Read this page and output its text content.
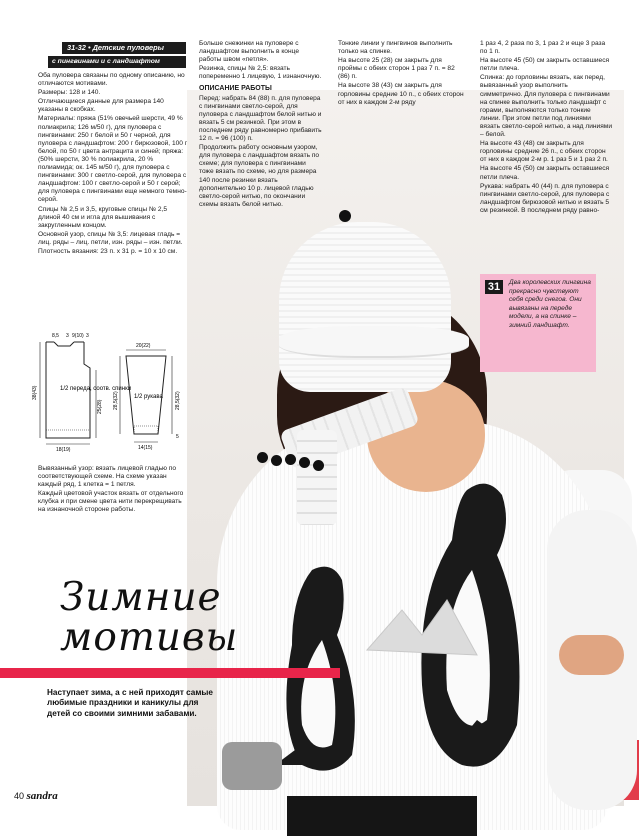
31-32 • Детские пуловеры
с пингвинами и с ландшафтом

Оба пуловера связаны по одному описанию, но отличаются мотивами.

Размеры: 128 и 140.

Отличающиеся данные для размера 140 указаны в скобках.

Материалы: пряжа (51% овечьей шерсти, 49 % полиакрила; 126 м/50 г), для пуловера с пингвинами: 250 г белой и 50 г черной, для пуловера с ландшафтом: 200 г бирюзовой, 100 г белой, по 50 г цвета антрацита и синей; пряжа: (50% шерсти, 30 % полиакрила, 20 % полиамида; ок. 145 м/50 г), для пуловера с пингвинами: 300 г светло-серой, для пуловера с ландшафтом: 100 г светло-серой и 50 г серой; для пуловера с пингвинами еще немного темно-серой.

Спицы № 2,5 и 3,5, круговые спицы № 2,5 длиной 40 см и игла для вышивания с закругленным концом.

Основной узор, спицы № 3,5: лицевая гладь = лиц. ряды – лиц. петли, изн. ряды – изн. петли.

Плотность вязания: 23 п. x 31 р. = 10 x 10 см.

1/2 переда, соотв. спинки
1/2 рукава
8,5 3 9(10) 3
18(19)
38(43)
25(28)
20(22)
14(15)
28,5(32)
28,5(32)
5

Вывязанный узор: вязать лицевой гладью по соответствующей схеме. На схеме указан каждый ряд, 1 клетка = 1 петля.

Каждый цветовой участок вязать от отдельного клубка и при смене цвета нити перекрещивать на изнаночной стороне работы.

Больше снежинки на пуловере с ландшафтом выполнить в конце работы швом «петля».

Резинка, спицы № 2,5: вязать попеременно 1 лицевую, 1 изнаночную.

ОПИСАНИЕ РАБОТЫ

Перед: набрать 84 (88) п. для пуловера с пингвинами светло-серой, для пуловера с ландшафтом белой нитью и вязать 5 см резинкой. При этом в последнем ряду равномерно прибавить 12 п. = 96 (100) п.

Продолжить работу основным узором, для пуловера с ландшафтом вязать по схеме; для пуловера с пингвинами тоже вязать по схеме, но для размера 140 после резинки вязать дополнительно 10 р. лицевой гладью светло-серой нитью, по окончании схемы вязать белой нитью.

Тонкие линии у пингвинов выполнить только на спинке.

На высоте 25 (28) см закрыть для проймы с обеих сторон 1 раз 7 п. = 82 (86) п.

На высоте 38 (43) см закрыть для горловины средние 10 п., с обеих сторон от них в каждом 2-м ряду

1 раз 4, 2 раза по 3, 1 раз 2 и еще 3 раза по 1 п.

На высоте 45 (50) см закрыть оставшиеся петли плеча.

Спинка: до горловины вязать, как перед, вывязанный узор выполнить симметрично. Для пуловера с пингвинами на спинке выполнить только ландшафт с горами, выполняются только тонкие линии. При этом петли под линиями вязать светло-серой нитью, а над линиями – белой.

На высоте 43 (48) см закрыть для горловины средние 26 п., с обеих сторон от них в каждом 2-м р. 1 раз 5 и 1 раз 2 п.

На высоте 45 (50) см закрыть оставшиеся петли плеча.

Рукава: набрать 40 (44) п. для пуловера с пингвинами светло-серой, для пуловера с ландшафтом бирюзовой нитью и вязать 5 см резинкой. В последнем ряду равно-

31	Два королевских пингвина прекрасно чувствуют себя среди снегов. Они вывязаны на переде модели, а на спинке – зимний ландшафт.
Зимние
мотивы
Наступает зима, а с ней приходят самые любимые праздники и каникулы для детей со своими зимними забавами.
40 sandra
